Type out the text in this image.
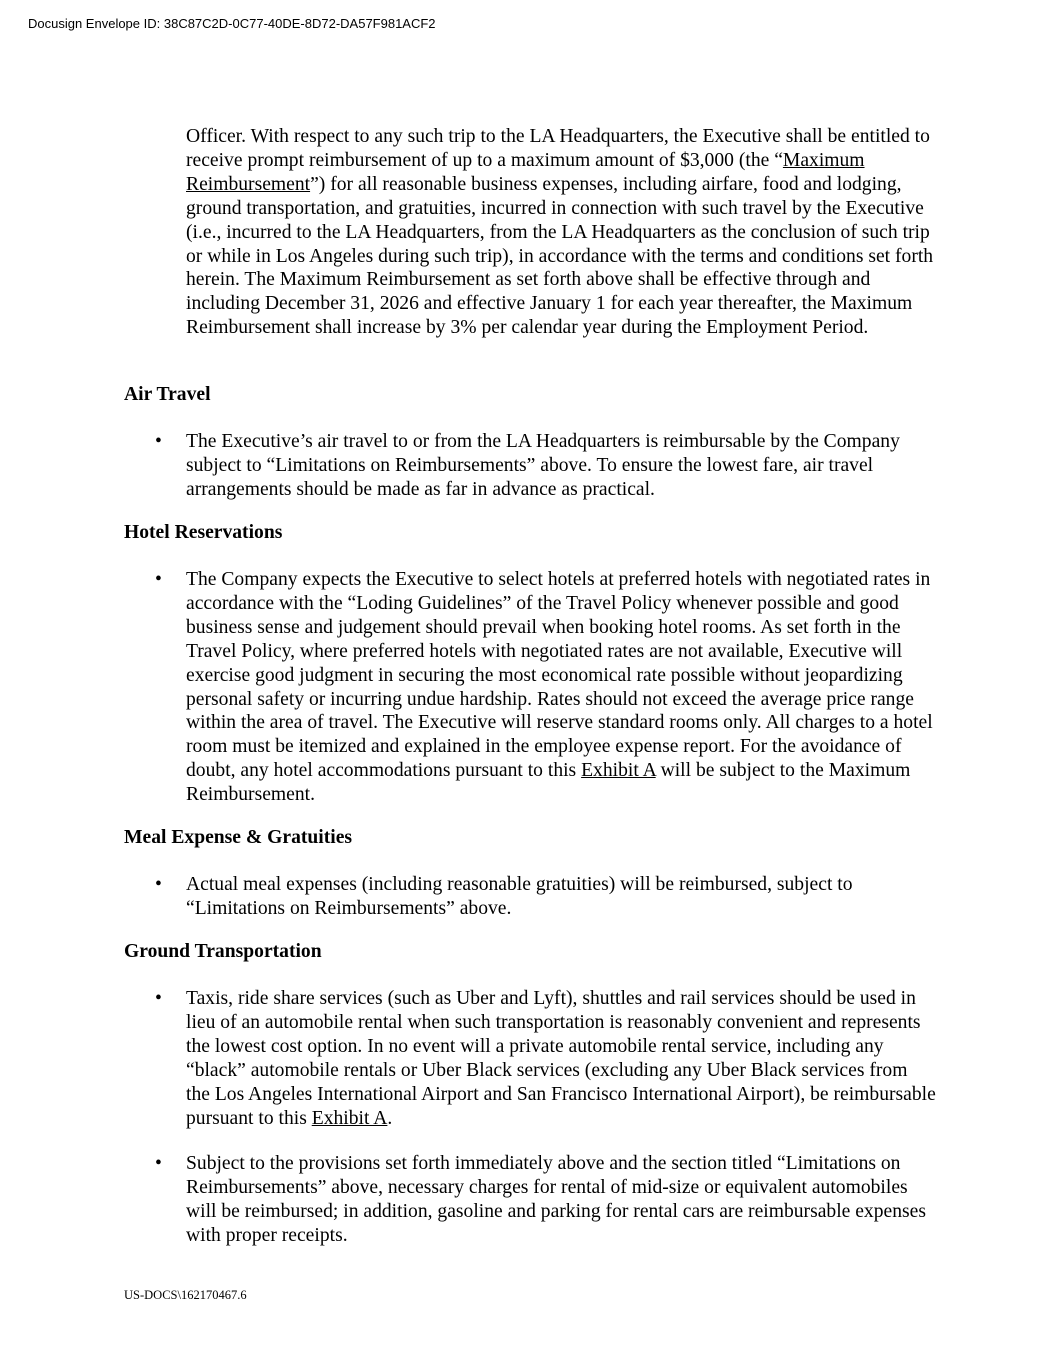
Docusign Envelope ID: 38C87C2D-0C77-40DE-8D72-DA57F981ACF2

Officer. With respect to any such trip to the LA Headquarters, the Executive shall be entitled to receive prompt reimbursement of up to a maximum amount of $3,000 (the “Maximum Reimbursement”) for all reasonable business expenses, including airfare, food and lodging, ground transportation, and gratuities, incurred in connection with such travel by the Executive (i.e., incurred to the LA Headquarters, from the LA Headquarters as the conclusion of such trip or while in Los Angeles during such trip), in accordance with the terms and conditions set forth herein. The Maximum Reimbursement as set forth above shall be effective through and including December 31, 2026 and effective January 1 for each year thereafter, the Maximum Reimbursement shall increase by 3% per calendar year during the Employment Period.

Air Travel
• The Executive’s air travel to or from the LA Headquarters is reimbursable by the Company subject to “Limitations on Reimbursements” above. To ensure the lowest fare, air travel arrangements should be made as far in advance as practical.

Hotel Reservations
• The Company expects the Executive to select hotels at preferred hotels with negotiated rates in accordance with the “Loding Guidelines” of the Travel Policy whenever possible and good business sense and judgement should prevail when booking hotel rooms. As set forth in the Travel Policy, where preferred hotels with negotiated rates are not available, Executive will exercise good judgment in securing the most economical rate possible without jeopardizing personal safety or incurring undue hardship. Rates should not exceed the average price range within the area of travel. The Executive will reserve standard rooms only. All charges to a hotel room must be itemized and explained in the employee expense report. For the avoidance of doubt, any hotel accommodations pursuant to this Exhibit A will be subject to the Maximum Reimbursement.

Meal Expense & Gratuities
• Actual meal expenses (including reasonable gratuities) will be reimbursed, subject to “Limitations on Reimbursements” above.

Ground Transportation
• Taxis, ride share services (such as Uber and Lyft), shuttles and rail services should be used in lieu of an automobile rental when such transportation is reasonably convenient and represents the lowest cost option. In no event will a private automobile rental service, including any “black” automobile rentals or Uber Black services (excluding any Uber Black services from the Los Angeles International Airport and San Francisco International Airport), be reimbursable pursuant to this Exhibit A.

• Subject to the provisions set forth immediately above and the section titled “Limitations on Reimbursements” above, necessary charges for rental of mid-size or equivalent automobiles will be reimbursed; in addition, gasoline and parking for rental cars are reimbursable expenses with proper receipts.

US-DOCS\162170467.6
